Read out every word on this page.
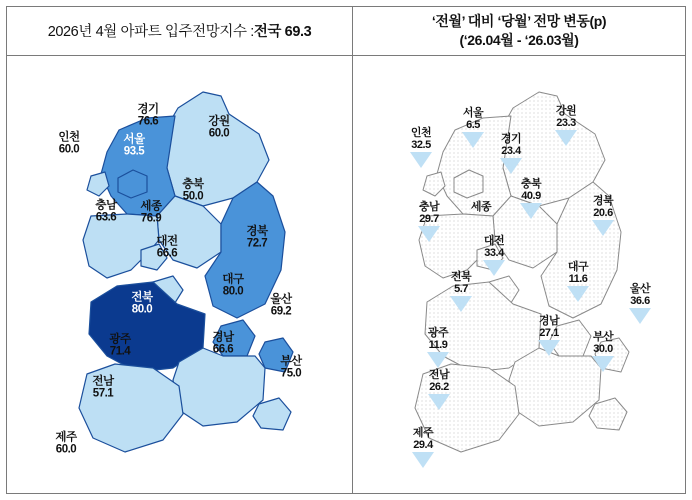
2026년 4월 아파트 입주전망지수 : 전국 69.3
‘전월’ 대비 ‘당월’ 전망 변동(p)
(‘26.04월 - ‘26.03월)
경기
76.6	강원
60.0
인천
60.0
서울
93.5
충북
50.0
충남
63.6
세종
76.9
대전
66.6
경북
72.7
전북
80.0
대구
80.0
울산
69.2
경남
66.6
광주
71.4
부산
75.0
전남
57.1
제주
60.0
서울
6.5
강원
23.3
인천
32.5	경기
23.4
충북
40.9
세종	경북
20.6
충남
29.7
대전
33.4
전북
5.7
대구
11.6
울산
36.6
경남
27.1
광주
11.9
부산
30.0
전남
26.2
제주
29.4
